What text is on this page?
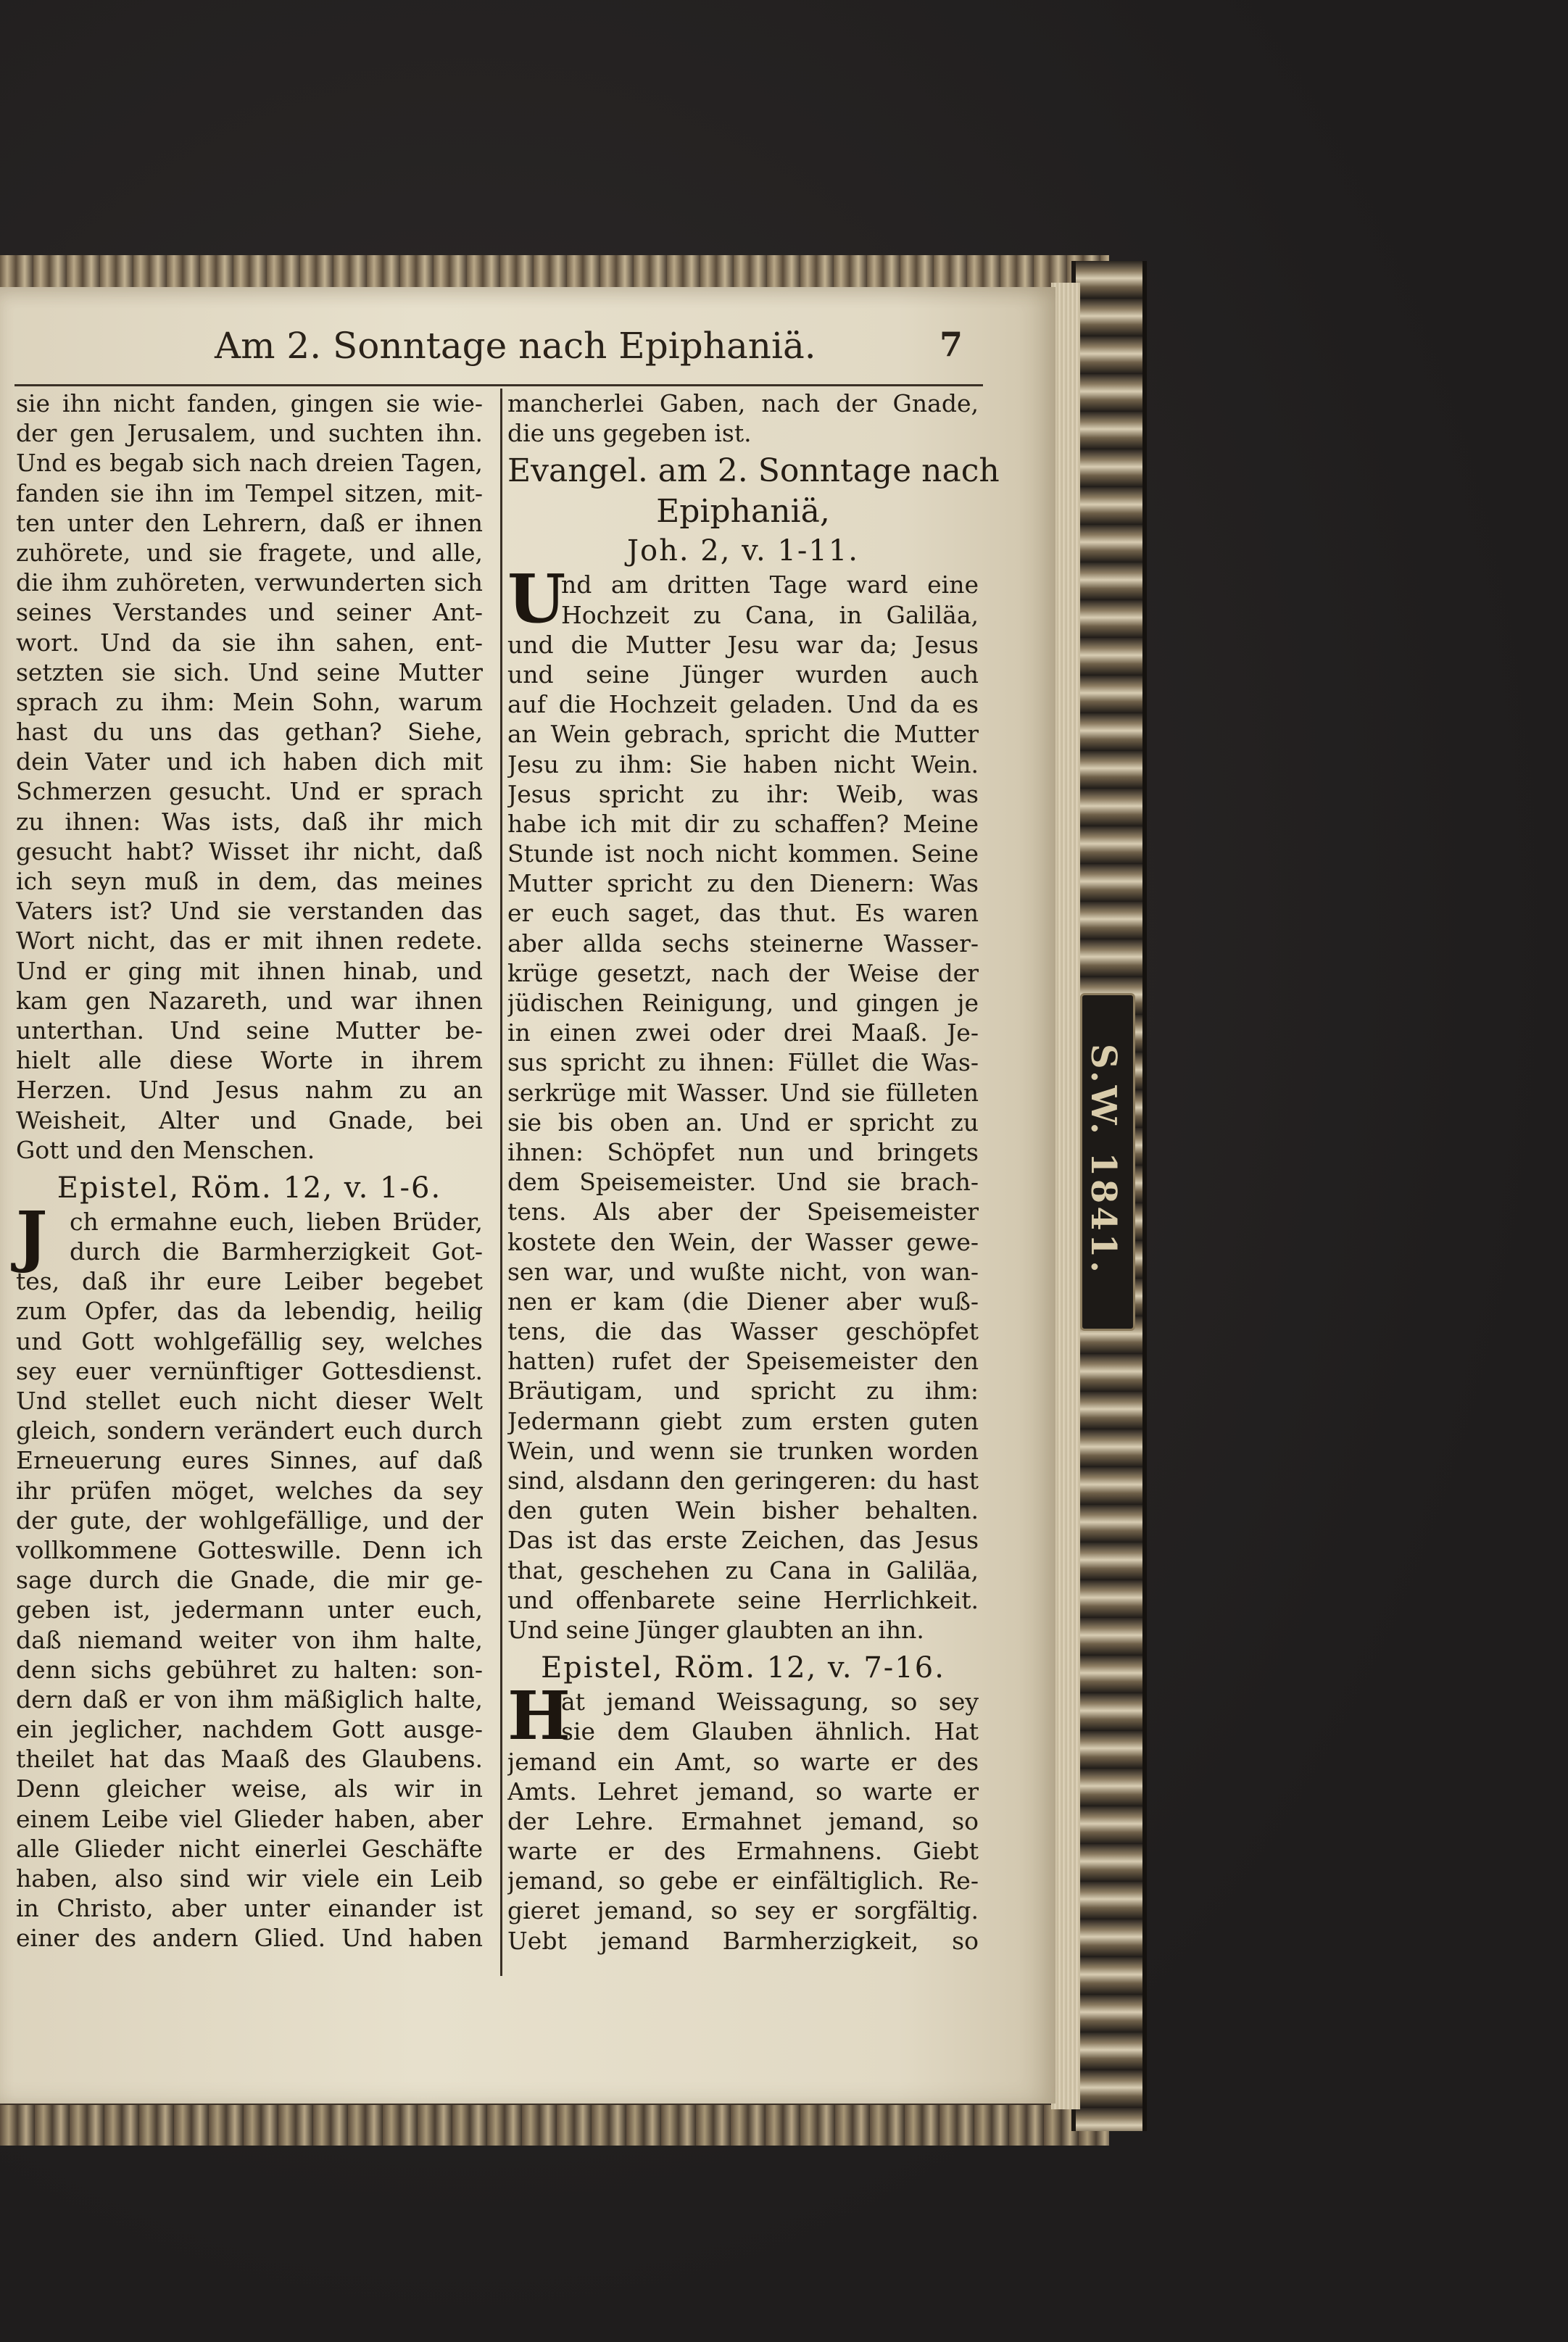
S.W. 1841.
Am 2. Sonntage nach Epiphaniä.	7
sie ihn nicht fanden, gingen sie wie-
der gen Jerusalem, und suchten ihn.
Und es begab sich nach dreien Tagen,
fanden sie ihn im Tempel sitzen, mit-
ten unter den Lehrern, daß er ihnen
zuhörete, und sie fragete, und alle,
die ihm zuhöreten, verwunderten sich
seines Verstandes und seiner Ant-
wort. Und da sie ihn sahen, ent-
setzten sie sich. Und seine Mutter
sprach zu ihm: Mein Sohn, warum
hast du uns das gethan? Siehe,
dein Vater und ich haben dich mit
Schmerzen gesucht. Und er sprach
zu ihnen: Was ists, daß ihr mich
gesucht habt? Wisset ihr nicht, daß
ich seyn muß in dem, das meines
Vaters ist? Und sie verstanden das
Wort nicht, das er mit ihnen redete.
Und er ging mit ihnen hinab, und
kam gen Nazareth, und war ihnen
unterthan. Und seine Mutter be-
hielt alle diese Worte in ihrem
Herzen. Und Jesus nahm zu an
Weisheit, Alter und Gnade, bei
Gott und den Menschen.
Epistel, Röm. 12, v. 1-6.
J ch ermahne euch, lieben Brüder,
durch die Barmherzigkeit Got-
tes, daß ihr eure Leiber begebet
zum Opfer, das da lebendig, heilig
und Gott wohlgefällig sey, welches
sey euer vernünftiger Gottesdienst.
Und stellet euch nicht dieser Welt
gleich, sondern verändert euch durch
Erneuerung eures Sinnes, auf daß
ihr prüfen möget, welches da sey
der gute, der wohlgefällige, und der
vollkommene Gotteswille. Denn ich
sage durch die Gnade, die mir ge-
geben ist, jedermann unter euch,
daß niemand weiter von ihm halte,
denn sichs gebühret zu halten: son-
dern daß er von ihm mäßiglich halte,
ein jeglicher, nachdem Gott ausge-
theilet hat das Maaß des Glaubens.
Denn gleicher weise, als wir in
einem Leibe viel Glieder haben, aber
alle Glieder nicht einerlei Geschäfte
haben, also sind wir viele ein Leib
in Christo, aber unter einander ist
einer des andern Glied. Und haben
mancherlei Gaben, nach der Gnade,
die uns gegeben ist.
Evangel. am 2. Sonntage nach
Epiphaniä,
Joh. 2, v. 1-11.
U
nd am dritten Tage ward eine
Hochzeit zu Cana, in Galiläa,
und die Mutter Jesu war da; Jesus
und seine Jünger wurden auch
auf die Hochzeit geladen. Und da es
an Wein gebrach, spricht die Mutter
Jesu zu ihm: Sie haben nicht Wein.
Jesus spricht zu ihr: Weib, was
habe ich mit dir zu schaffen? Meine
Stunde ist noch nicht kommen. Seine
Mutter spricht zu den Dienern: Was
er euch saget, das thut. Es waren
aber allda sechs steinerne Wasser-
krüge gesetzt, nach der Weise der
jüdischen Reinigung, und gingen je
in einen zwei oder drei Maaß. Je-
sus spricht zu ihnen: Füllet die Was-
serkrüge mit Wasser. Und sie fülleten
sie bis oben an. Und er spricht zu
ihnen: Schöpfet nun und bringets
dem Speisemeister. Und sie brach-
tens. Als aber der Speisemeister
kostete den Wein, der Wasser gewe-
sen war, und wußte nicht, von wan-
nen er kam (die Diener aber wuß-
tens, die das Wasser geschöpfet
hatten) rufet der Speisemeister den
Bräutigam, und spricht zu ihm:
Jedermann giebt zum ersten guten
Wein, und wenn sie trunken worden
sind, alsdann den geringeren: du hast
den guten Wein bisher behalten.
Das ist das erste Zeichen, das Jesus
that, geschehen zu Cana in Galiläa,
und offenbarete seine Herrlichkeit.
Und seine Jünger glaubten an ihn.
Epistel, Röm. 12, v. 7-16.
H
at jemand Weissagung, so sey
sie dem Glauben ähnlich. Hat
jemand ein Amt, so warte er des
Amts. Lehret jemand, so warte er
der Lehre. Ermahnet jemand, so
warte er des Ermahnens. Giebt
jemand, so gebe er einfältiglich. Re-
gieret jemand, so sey er sorgfältig.
Uebt jemand Barmherzigkeit, so
